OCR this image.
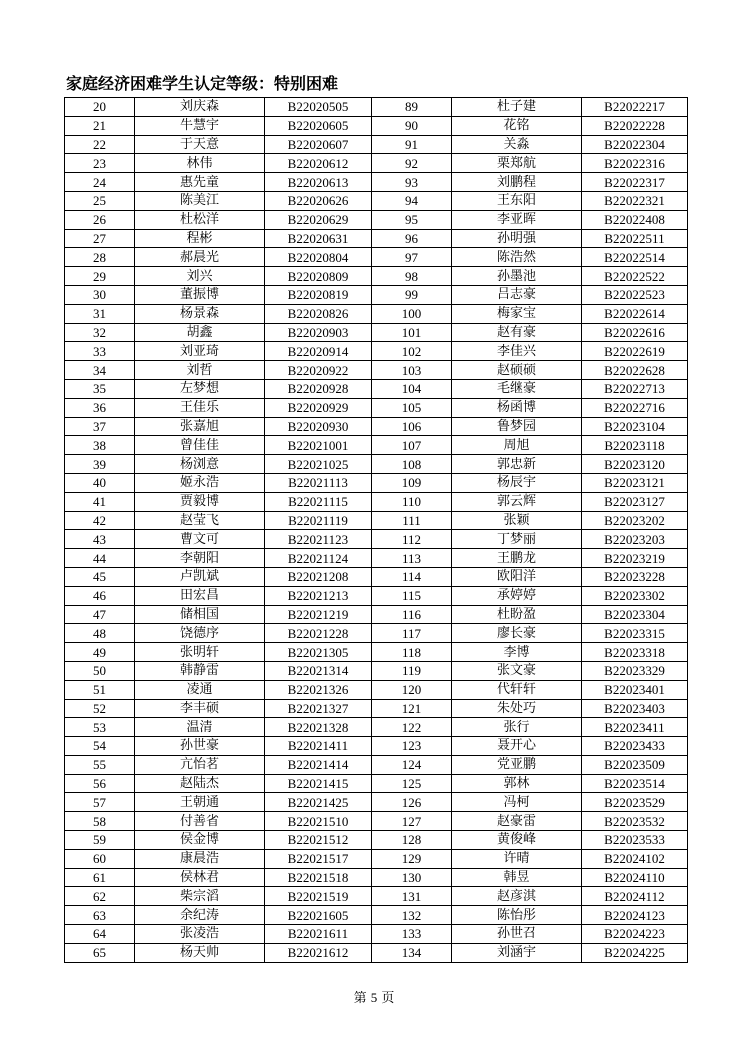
家庭经济困难学生认定等级：特别困难
20	刘庆森	B22020505	89	杜子建	B22022217
21	牛慧宇	B22020605	90	花铭	B22022228
22	于天意	B22020607	91	关淼	B22022304
23	林伟	B22020612	92	栗郑航	B22022316
24	惠先童	B22020613	93	刘鹏程	B22022317
25	陈美江	B22020626	94	王东阳	B22022321
26	杜松洋	B22020629	95	李亚晖	B22022408
27	程彬	B22020631	96	孙明强	B22022511
28	郝晨光	B22020804	97	陈浩然	B22022514
29	刘兴	B22020809	98	孙墨池	B22022522
30	董振博	B22020819	99	吕志豪	B22022523
31	杨景森	B22020826	100	梅家宝	B22022614
32	胡鑫	B22020903	101	赵有豪	B22022616
33	刘亚琦	B22020914	102	李佳兴	B22022619
34	刘哲	B22020922	103	赵硕硕	B22022628
35	左梦想	B22020928	104	毛继豪	B22022713
36	王佳乐	B22020929	105	杨函博	B22022716
37	张嘉旭	B22020930	106	鲁梦园	B22023104
38	曾佳佳	B22021001	107	周旭	B22023118
39	杨浏意	B22021025	108	郭忠新	B22023120
40	姬永浩	B22021113	109	杨辰宇	B22023121
41	贾毅博	B22021115	110	郭云辉	B22023127
42	赵莹飞	B22021119	111	张颖	B22023202
43	曹文可	B22021123	112	丁梦丽	B22023203
44	李朝阳	B22021124	113	王鹏龙	B22023219
45	卢凯斌	B22021208	114	欧阳洋	B22023228
46	田宏昌	B22021213	115	承婷婷	B22023302
47	储相国	B22021219	116	杜盼盈	B22023304
48	饶德序	B22021228	117	廖长豪	B22023315
49	张明轩	B22021305	118	李博	B22023318
50	韩静雷	B22021314	119	张文豪	B22023329
51	凌通	B22021326	120	代轩轩	B22023401
52	李丰硕	B22021327	121	朱处巧	B22023403
53	温清	B22021328	122	张行	B22023411
54	孙世豪	B22021411	123	聂开心	B22023433
55	亢怡茗	B22021414	124	党亚鹏	B22023509
56	赵陆杰	B22021415	125	郭林	B22023514
57	王朝通	B22021425	126	冯柯	B22023529
58	付善省	B22021510	127	赵豪雷	B22023532
59	侯金博	B22021512	128	黄俊峰	B22023533
60	康晨浩	B22021517	129	许晴	B22024102
61	侯林君	B22021518	130	韩昱	B22024110
62	柴宗滔	B22021519	131	赵彦淇	B22024112
63	余纪涛	B22021605	132	陈怡彤	B22024123
64	张凌浩	B22021611	133	孙世召	B22024223
65	杨天帅	B22021612	134	刘涵宇	B22024225
第 5 页
